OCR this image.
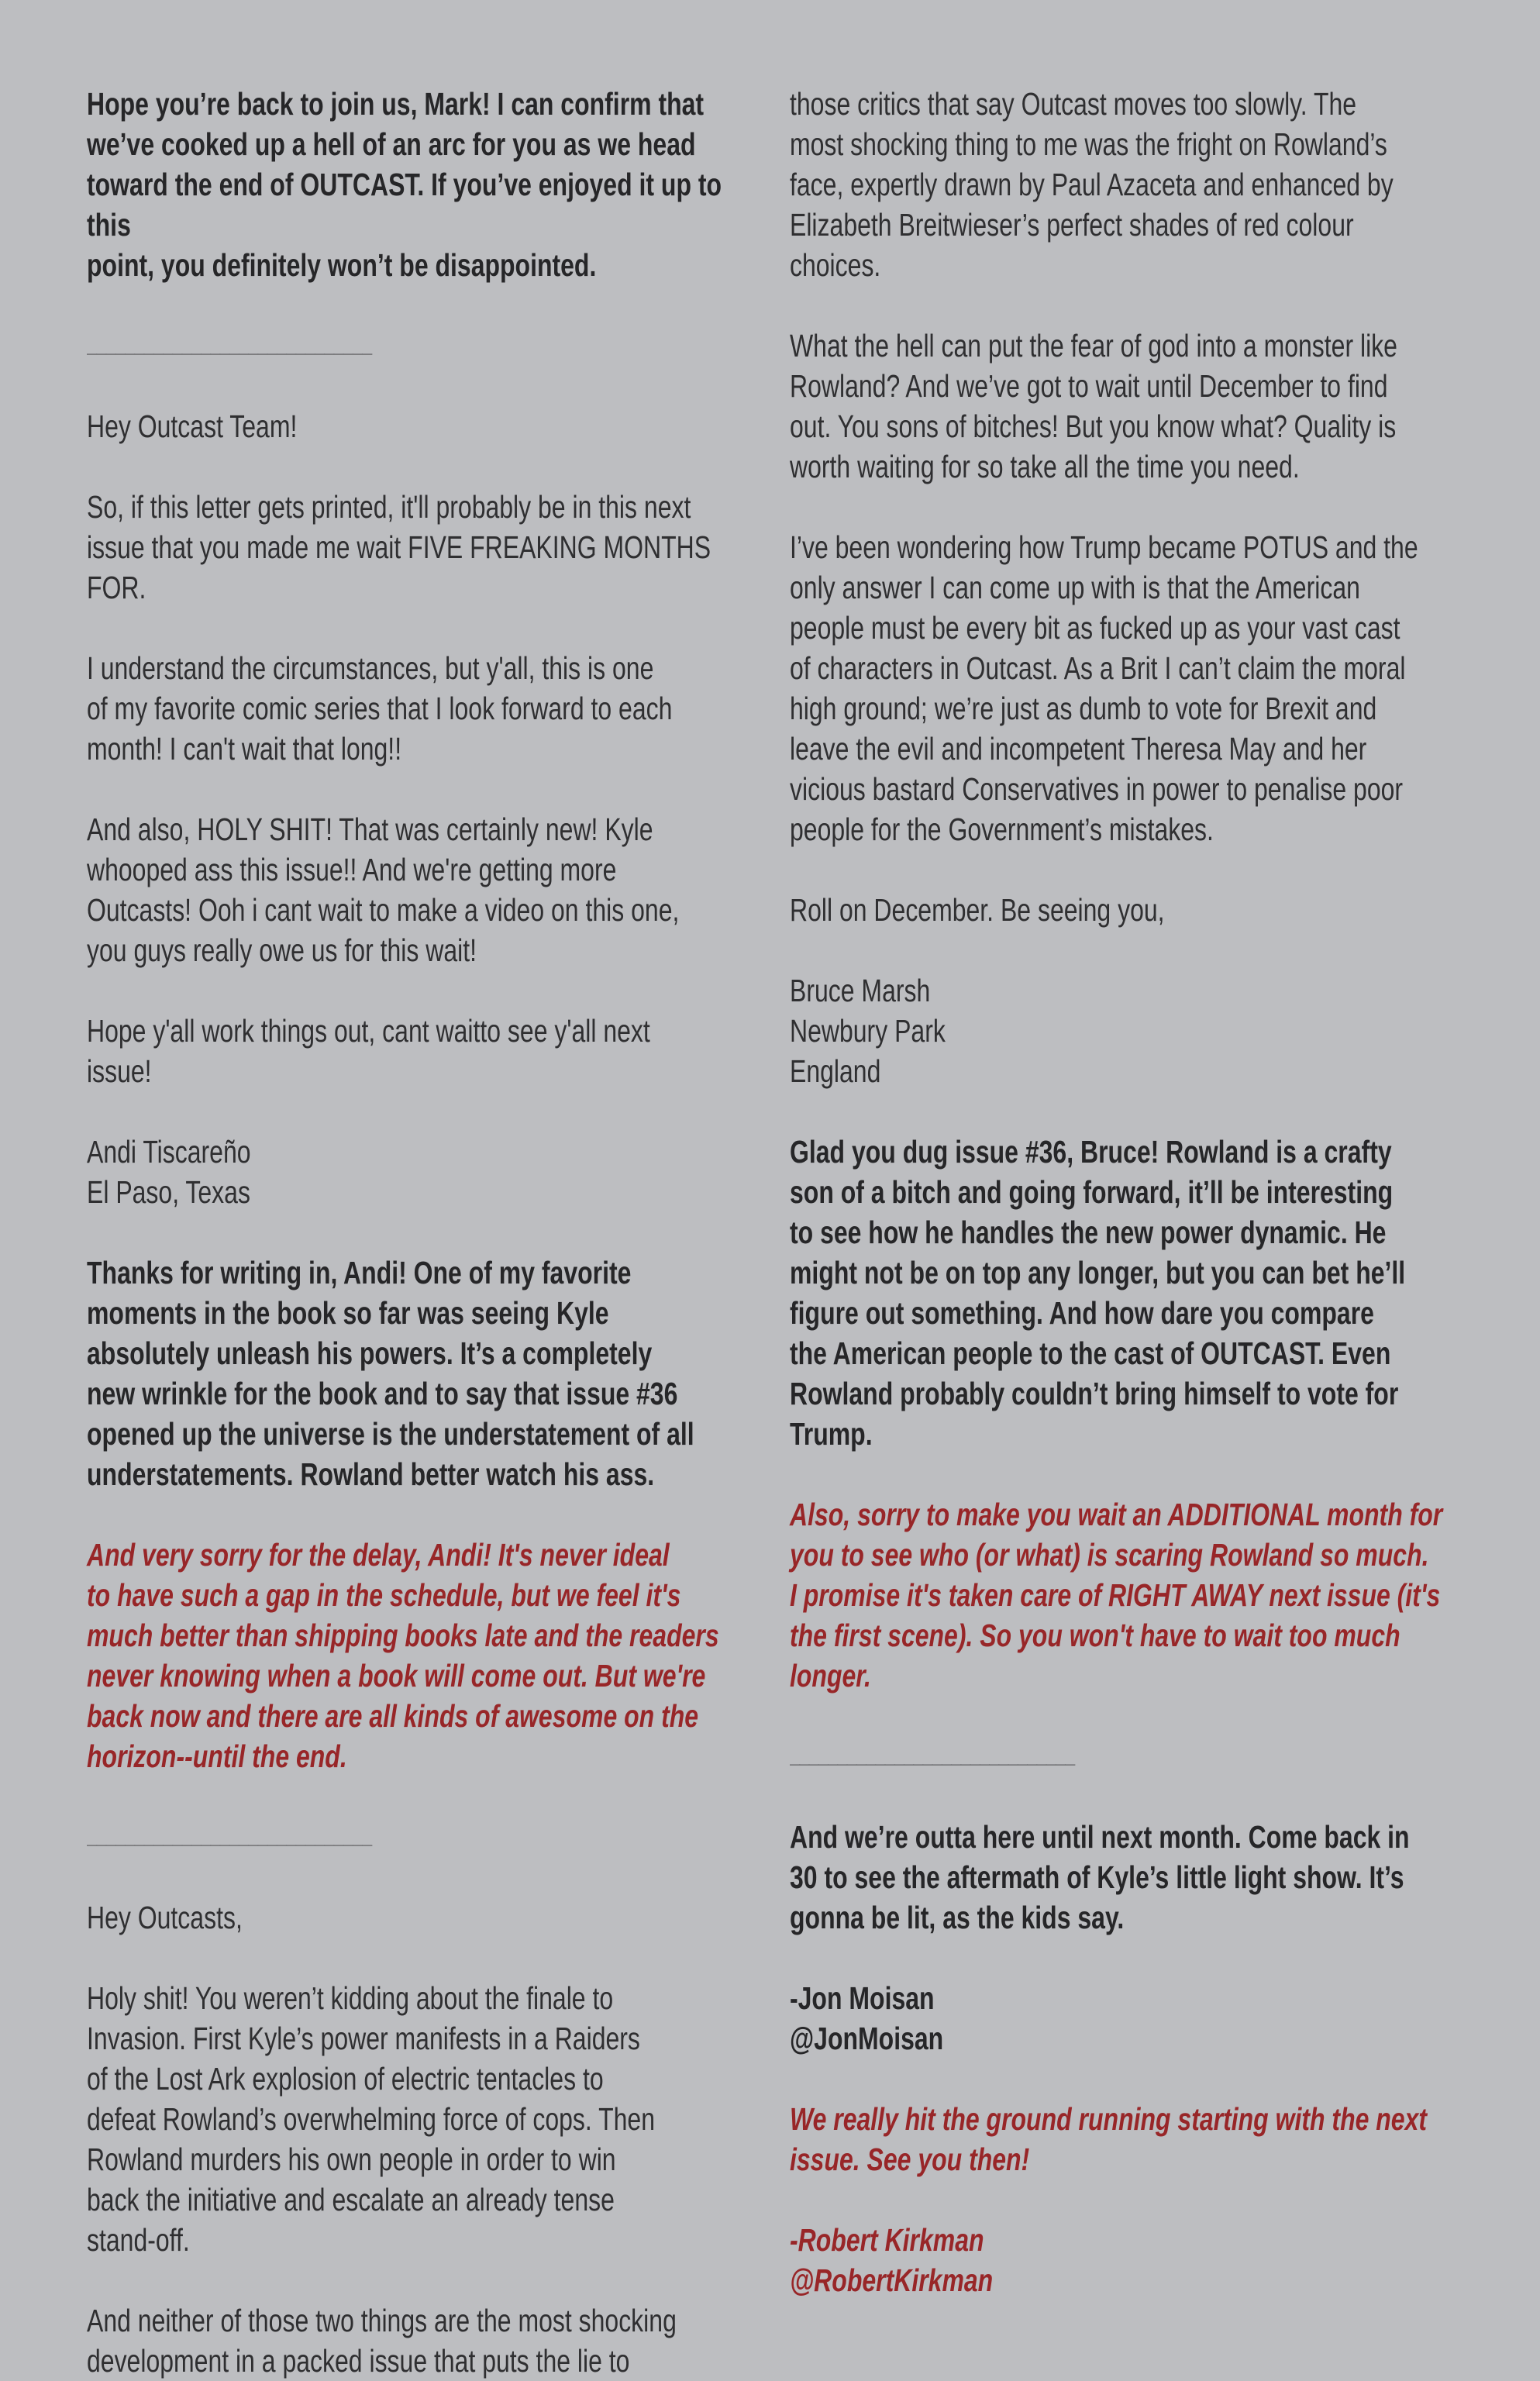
Hope you’re back to join us, Mark! I can confirm that
we’ve cooked up a hell of an arc for you as we head
toward the end of OUTCAST. If you’ve enjoyed it up to this
point, you definitely won’t be disappointed.
______________________________
Hey Outcast Team!
So, if this letter gets printed, it'll probably be in this next
issue that you made me wait FIVE FREAKING MONTHS
FOR.
I understand the circumstances, but y'all, this is one
of my favorite comic series that I look forward to each
month! I can't wait that long!!
And also, HOLY SHIT! That was certainly new! Kyle
whooped ass this issue!! And we're getting more
Outcasts! Ooh i cant wait to make a video on this one,
you guys really owe us for this wait!
Hope y'all work things out, cant waitto see y'all next
issue!
Andi Tiscareño
El Paso, Texas
Thanks for writing in, Andi! One of my favorite
moments in the book so far was seeing Kyle
absolutely unleash his powers. It’s a completely
new wrinkle for the book and to say that issue #36
opened up the universe is the understatement of all
understatements. Rowland better watch his ass.
And very sorry for the delay, Andi! It's never ideal
to have such a gap in the schedule, but we feel it's
much better than shipping books late and the readers
never knowing when a book will come out. But we're
back now and there are all kinds of awesome on the
horizon--until the end.
______________________________
Hey Outcasts,
Holy shit! You weren’t kidding about the finale to
Invasion. First Kyle’s power manifests in a Raiders
of the Lost Ark explosion of electric tentacles to
defeat Rowland’s overwhelming force of cops. Then
Rowland murders his own people in order to win
back the initiative and escalate an already tense
stand-off.
And neither of those two things are the most shocking
development in a packed issue that puts the lie to
those critics that say Outcast moves too slowly. The
most shocking thing to me was the fright on Rowland’s
face, expertly drawn by Paul Azaceta and enhanced by
Elizabeth Breitwieser’s perfect shades of red colour
choices.
What the hell can put the fear of god into a monster like
Rowland? And we’ve got to wait until December to find
out. You sons of bitches! But you know what? Quality is
worth waiting for so take all the time you need.
I’ve been wondering how Trump became POTUS and the
only answer I can come up with is that the American
people must be every bit as fucked up as your vast cast
of characters in Outcast. As a Brit I can’t claim the moral
high ground; we’re just as dumb to vote for Brexit and
leave the evil and incompetent Theresa May and her
vicious bastard Conservatives in power to penalise poor
people for the Government’s mistakes.
Roll on December. Be seeing you,
Bruce Marsh
Newbury Park
England
Glad you dug issue #36, Bruce! Rowland is a crafty
son of a bitch and going forward, it’ll be interesting
to see how he handles the new power dynamic. He
might not be on top any longer, but you can bet he’ll
figure out something. And how dare you compare
the American people to the cast of OUTCAST. Even
Rowland probably couldn’t bring himself to vote for
Trump.
Also, sorry to make you wait an ADDITIONAL month for
you to see who (or what) is scaring Rowland so much.
I promise it's taken care of RIGHT AWAY next issue (it's
the first scene). So you won't have to wait too much
longer.
______________________________
And we’re outta here until next month. Come back in
30 to see the aftermath of Kyle’s little light show. It’s
gonna be lit, as the kids say.
-Jon Moisan
@JonMoisan
We really hit the ground running starting with the next
issue. See you then!
-Robert Kirkman
@RobertKirkman
